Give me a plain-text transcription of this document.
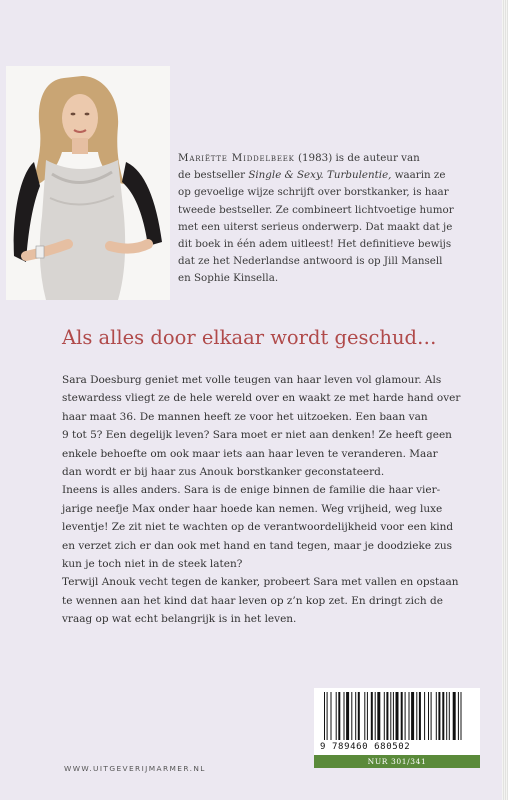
Mariëtte Middelbeek (1983) is de auteur van
de bestseller Single & Sexy. Turbulentie, waarin ze
op gevoelige wijze schrijft over borstkanker, is haar
tweede bestseller. Ze combineert lichtvoetige humor
met een uiterst serieus onderwerp. Dat maakt dat je
dit boek in één adem uitleest! Het definitieve bewijs
dat ze het Nederlandse antwoord is op Jill Mansell
en Sophie Kinsella.
Als alles door elkaar wordt geschud…
Sara Doesburg geniet met volle teugen van haar leven vol glamour. Als
stewardess vliegt ze de hele wereld over en waakt ze met harde hand over
haar maat 36. De mannen heeft ze voor het uitzoeken. Een baan van
9 tot 5? Een degelijk leven? Sara moet er niet aan denken! Ze heeft geen
enkele behoefte om ook maar iets aan haar leven te veranderen. Maar
dan wordt er bij haar zus Anouk borstkanker geconstateerd.
Ineens is alles anders. Sara is de enige binnen de familie die haar vier-
jarige neefje Max onder haar hoede kan nemen. Weg vrijheid, weg luxe
leventje! Ze zit niet te wachten op de verantwoordelijkheid voor een kind
en verzet zich er dan ook met hand en tand tegen, maar je doodzieke zus
kun je toch niet in de steek laten?
Terwijl Anouk vecht tegen de kanker, probeert Sara met vallen en opstaan
te wennen aan het kind dat haar leven op z’n kop zet. En dringt zich de
vraag op wat echt belangrijk is in het leven.
WWW.UITGEVERIJMARMER.NL
9 789460 680502
NUR 301/341
